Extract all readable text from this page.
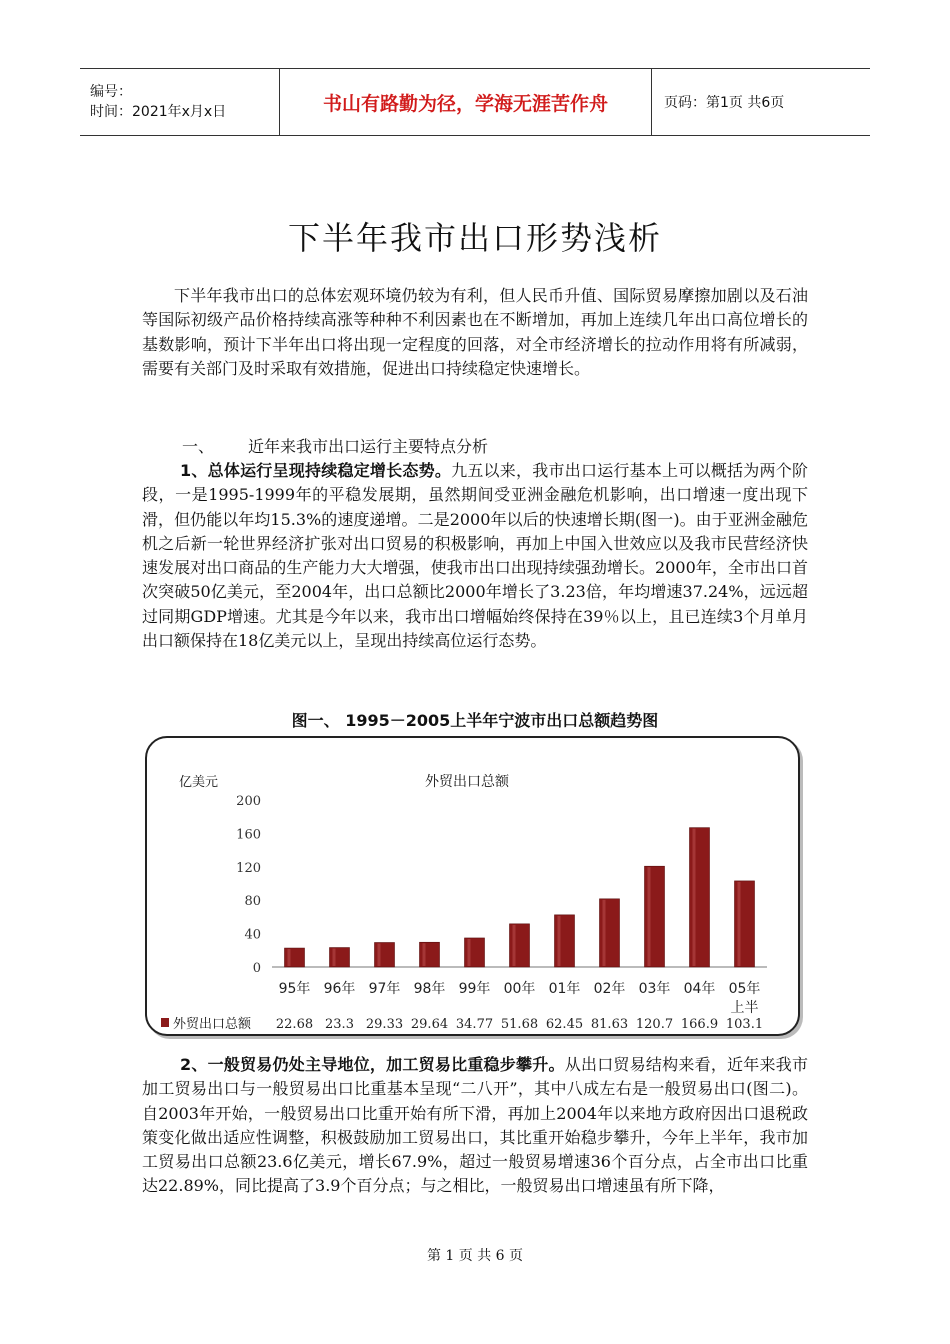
编号：
时间：2021年x月x日	书山有路勤为径，学海无涯苦作舟	页码：第1页 共6页
下半年我市出口形势浅析

下半年我市出口的总体宏观环境仍较为有利，但人民币升值、国际贸易摩擦加剧以及石油等国际初级产品价格持续高涨等种种不利因素也在不断增加，再加上连续几年出口高位增长的基数影响，预计下半年出口将出现一定程度的回落，对全市经济增长的拉动作用将有所减弱，需要有关部门及时采取有效措施，促进出口持续稳定快速增长。

一、 近年来我市出口运行主要特点分析

1、总体运行呈现持续稳定增长态势。九五以来，我市出口运行基本上可以概括为两个阶段，一是1995-1999年的平稳发展期，虽然期间受亚洲金融危机影响，出口增速一度出现下滑，但仍能以年均15.3%的速度递增。二是2000年以后的快速增长期(图一)。由于亚洲金融危机之后新一轮世界经济扩张对出口贸易的积极影响，再加上中国入世效应以及我市民营经济快速发展对出口商品的生产能力大大增强，使我市出口出现持续强劲增长。2000年，全市出口首次突破50亿美元，至2004年，出口总额比2000年增长了3.23倍，年均增速37.24%，远远超过同期GDP增速。尤其是今年以来，我市出口增幅始终保持在39％以上，且已连续3个月单月出口额保持在18亿美元以上，呈现出持续高位运行态势。

图一、 1995－2005上半年宁波市出口总额趋势图
亿美元	外贸出口总额
0
40
80
120
160
200
95年 96年 97年 98年 99年 00年 01年 02年 03年 04年 05年
上半
外贸出口总额 22.68 23.3 29.33 29.64 34.77 51.68 62.45 81.63 120.7 166.9 103.1

2、一般贸易仍处主导地位，加工贸易比重稳步攀升。从出口贸易结构来看，近年来我市加工贸易出口与一般贸易出口比重基本呈现“二八开”，其中八成左右是一般贸易出口(图二)。自2003年开始，一般贸易出口比重开始有所下滑，再加上2004年以来地方政府因出口退税政策变化做出适应性调整，积极鼓励加工贸易出口，其比重开始稳步攀升，今年上半年，我市加工贸易出口总额23.6亿美元，增长67.9%，超过一般贸易增速36个百分点，占全市出口比重达22.89%，同比提高了3.9个百分点；与之相比，一般贸易出口增速虽有所下降，

第 1 页 共 6 页
